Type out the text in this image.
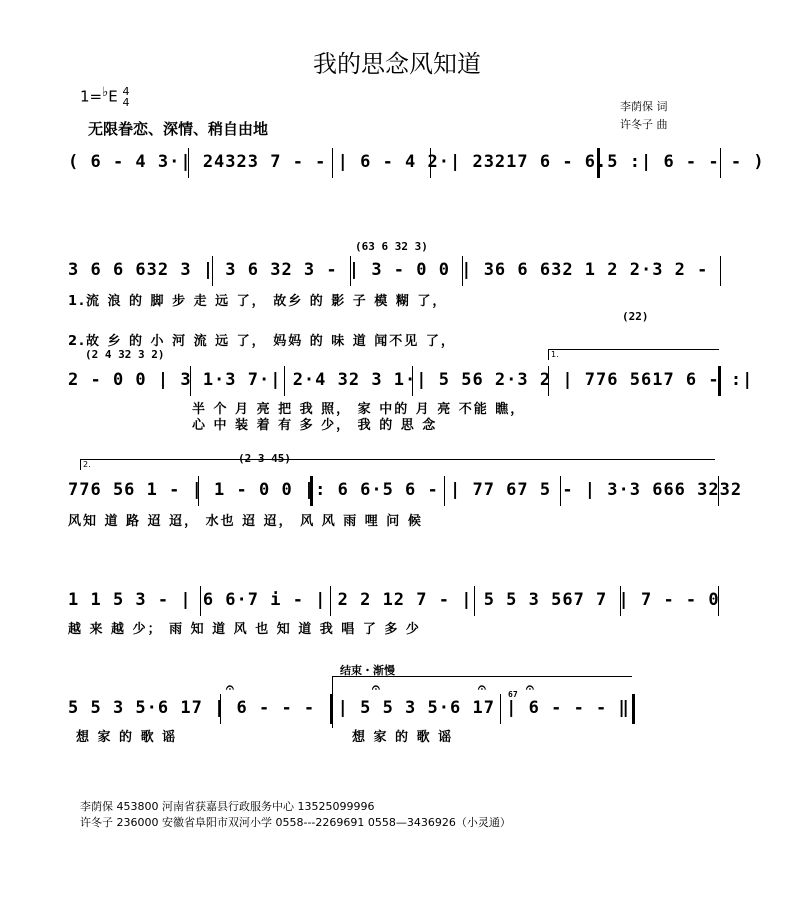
我的思念风知道
1=♭E 4
4
无限眷恋、深情、稍自由地
李荫保 词
许冬子 曲
( 6 - 4 3·| 24323 7 - - | 6 - 4 2·| 23217 6 - 6.5 :| 6 - - - )
(63 6 32 3)
3 6 6 632 3 | 3 6 32 3 - | 3 - 0 0 | 36 6 632 1 2 2·3 2 -
1.流 浪 的 脚 步 走 远 了， 故乡 的 影 子 模 糊 了，
(22)
2.故 乡 的 小 河 流 远 了， 妈妈 的 味 道 闻不见 了，
(2 4 32 3 2)	1.
2 - 0 0 | 3 1·3 7·| 2·4 32 3 1·| 5 56 2·3 2 | 776 5617 6 - :|
半 个 月 亮 把 我 照， 家 中的 月 亮 不能 瞧，
心 中 装 着 有 多 少， 我 的 思 念
2.	(2 3 45)
776 56 1 - | 1 - 0 0 |: 6 6·5 6 - | 77 67 5 - | 3·3 666 3232
风知 道 路 迢 迢， 水也 迢 迢， 风 风 雨 哩 问 候
1 1 5 3 - | 6 6·7 i - | 2 2 12 7 - | 5 5 3 567 7 | 7 - - 0
越 来 越 少； 雨 知 道 风 也 知 道 我 唱 了 多 少
结束・渐慢
𝄐	𝄐	𝄐	𝄐
67
5 5 3 5·6 17 | 6 - - - :| 5 5 3 5·6 17 | 6 - - - ‖
想 家 的 歌 谣	想 家 的 歌 谣
李荫保 453800 河南省获嘉县行政服务中心 13525099996
许冬子 236000 安徽省阜阳市双河小学 0558---2269691 0558—3436926（小灵通）
